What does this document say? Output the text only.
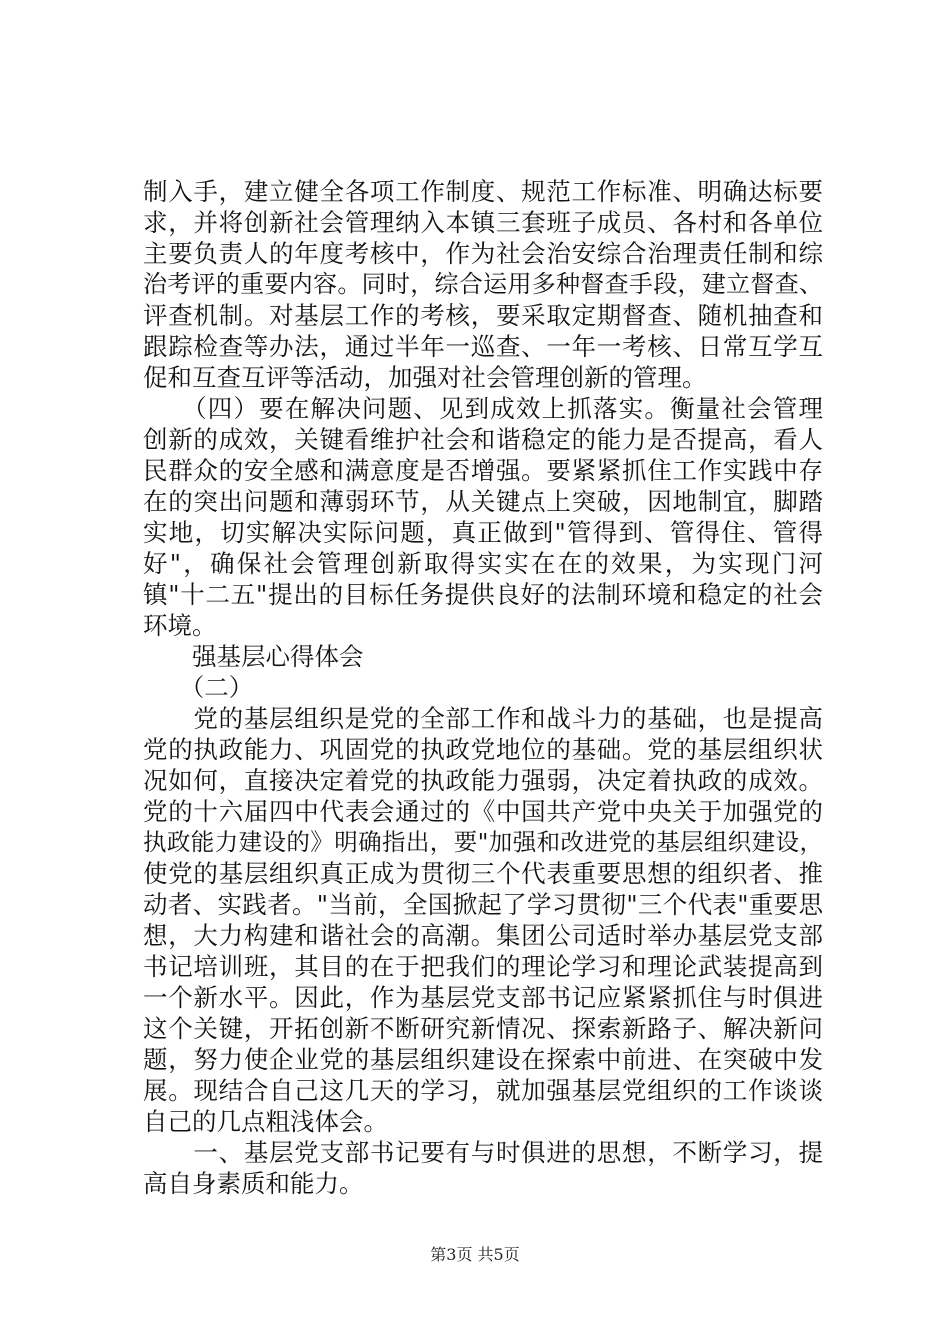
制入手，建立健全各项工作制度、规范工作标准、明确达标要
求，并将创新社会管理纳入本镇三套班子成员、各村和各单位
主要负责人的年度考核中，作为社会治安综合治理责任制和综
治考评的重要内容。同时，综合运用多种督查手段，建立督查、
评查机制。对基层工作的考核，要采取定期督查、随机抽查和
跟踪检查等办法，通过半年一巡查、一年一考核、日常互学互
促和互查互评等活动，加强对社会管理创新的管理。
　　（四）要在解决问题、见到成效上抓落实。衡量社会管理
创新的成效，关键看维护社会和谐稳定的能力是否提高，看人
民群众的安全感和满意度是否增强。要紧紧抓住工作实践中存
在的突出问题和薄弱环节，从关键点上突破，因地制宜，脚踏
实地，切实解决实际问题，真正做到"管得到、管得住、管得
好"，确保社会管理创新取得实实在在的效果，为实现门河
镇"十二五"提出的目标任务提供良好的法制环境和稳定的社会
环境。
　　强基层心得体会
　　（二）
　　党的基层组织是党的全部工作和战斗力的基础，也是提高
党的执政能力、巩固党的执政党地位的基础。党的基层组织状
况如何，直接决定着党的执政能力强弱，决定着执政的成效。
党的十六届四中代表会通过的《中国共产党中央关于加强党的
执政能力建设的》明确指出，要"加强和改进党的基层组织建设，
使党的基层组织真正成为贯彻三个代表重要思想的组织者、推
动者、实践者。"当前，全国掀起了学习贯彻"三个代表"重要思
想，大力构建和谐社会的高潮。集团公司适时举办基层党支部
书记培训班，其目的在于把我们的理论学习和理论武装提高到
一个新水平。因此，作为基层党支部书记应紧紧抓住与时俱进
这个关键，开拓创新不断研究新情况、探索新路子、解决新问
题，努力使企业党的基层组织建设在探索中前进、在突破中发
展。现结合自己这几天的学习，就加强基层党组织的工作谈谈
自己的几点粗浅体会。
　　一、基层党支部书记要有与时俱进的思想，不断学习，提
高自身素质和能力。
第3页 共5页
